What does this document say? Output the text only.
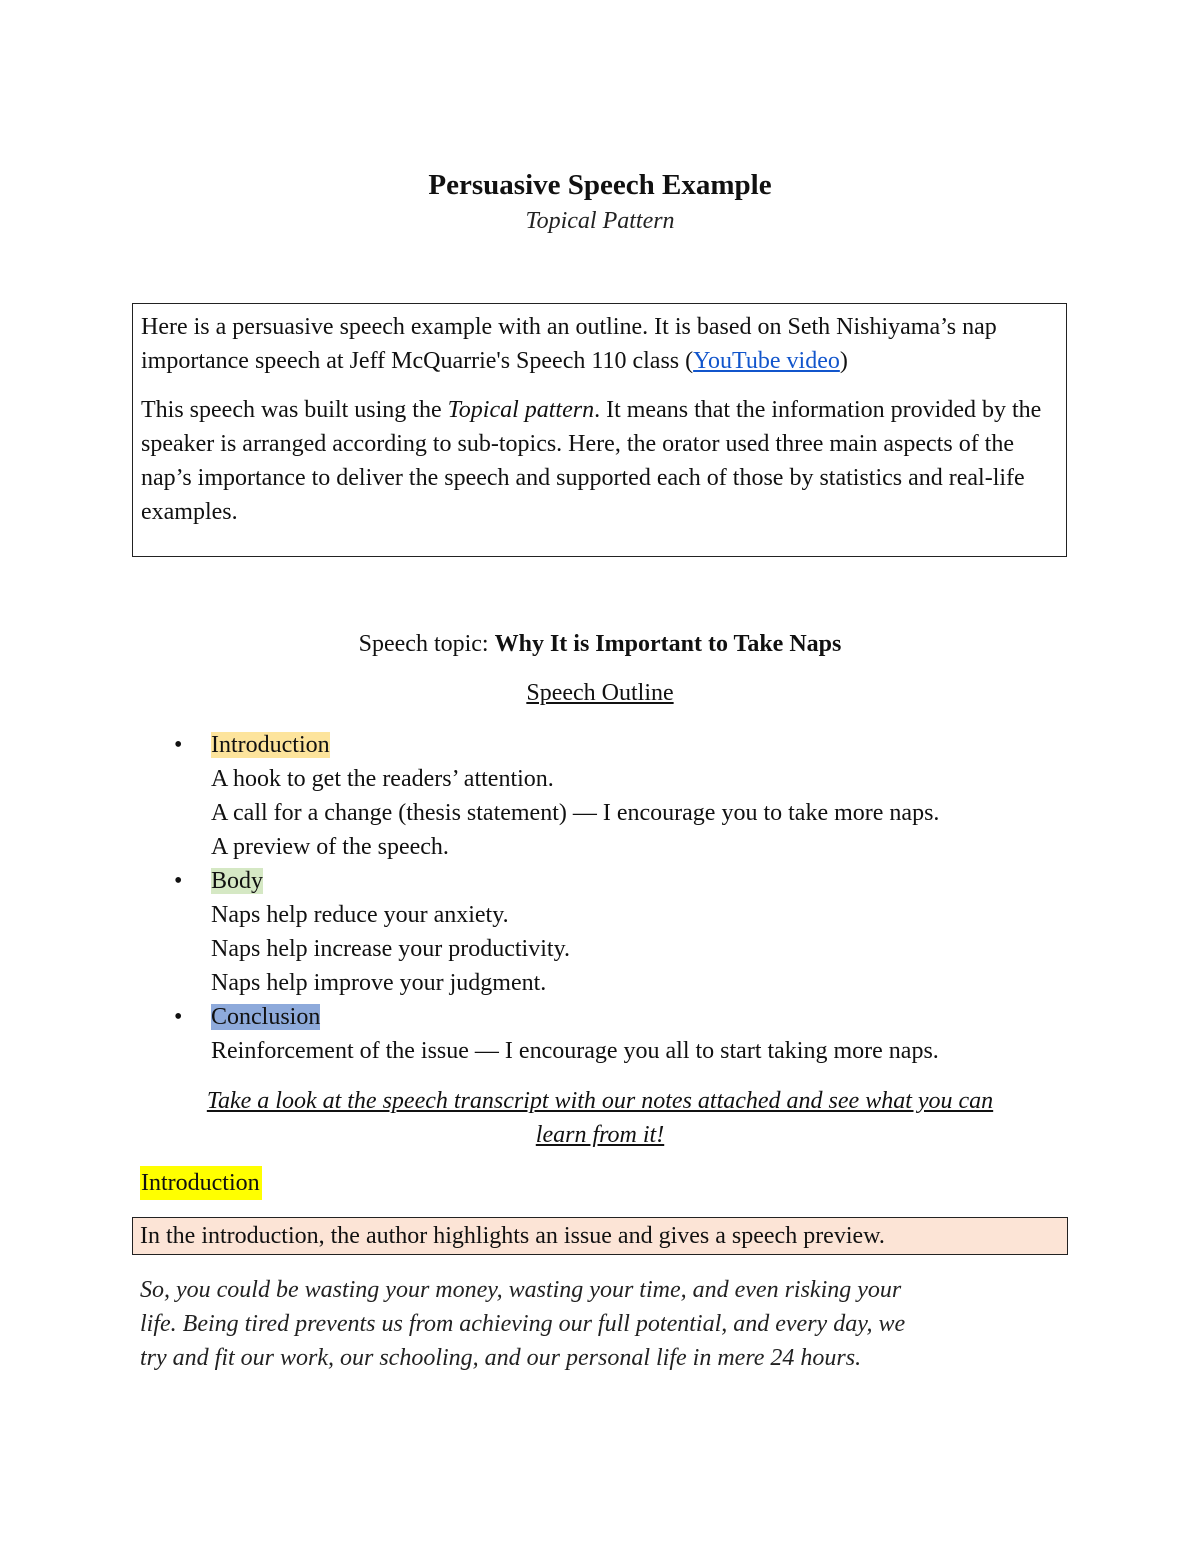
Persuasive Speech Example
Topical Pattern

Here is a persuasive speech example with an outline. It is based on Seth Nishiyama’s nap importance speech at Jeff McQuarrie's Speech 110 class (YouTube video)

This speech was built using the Topical pattern. It means that the information provided by the speaker is arranged according to sub-topics. Here, the orator used three main aspects of the nap’s importance to deliver the speech and supported each of those by statistics and real-life examples.

Speech topic: Why It is Important to Take Naps
Speech Outline
• Introduction
A hook to get the readers’ attention.
A call for a change (thesis statement) — I encourage you to take more naps.
A preview of the speech.
• Body
Naps help reduce your anxiety.
Naps help increase your productivity.
Naps help improve your judgment.
• Conclusion
Reinforcement of the issue — I encourage you all to start taking more naps.
Take a look at the speech transcript with our notes attached and see what you can
learn from it!
Introduction
In the introduction, the author highlights an issue and gives a speech preview.
So, you could be wasting your money, wasting your time, and even risking your
life. Being tired prevents us from achieving our full potential, and every day, we
try and fit our work, our schooling, and our personal life in mere 24 hours.
